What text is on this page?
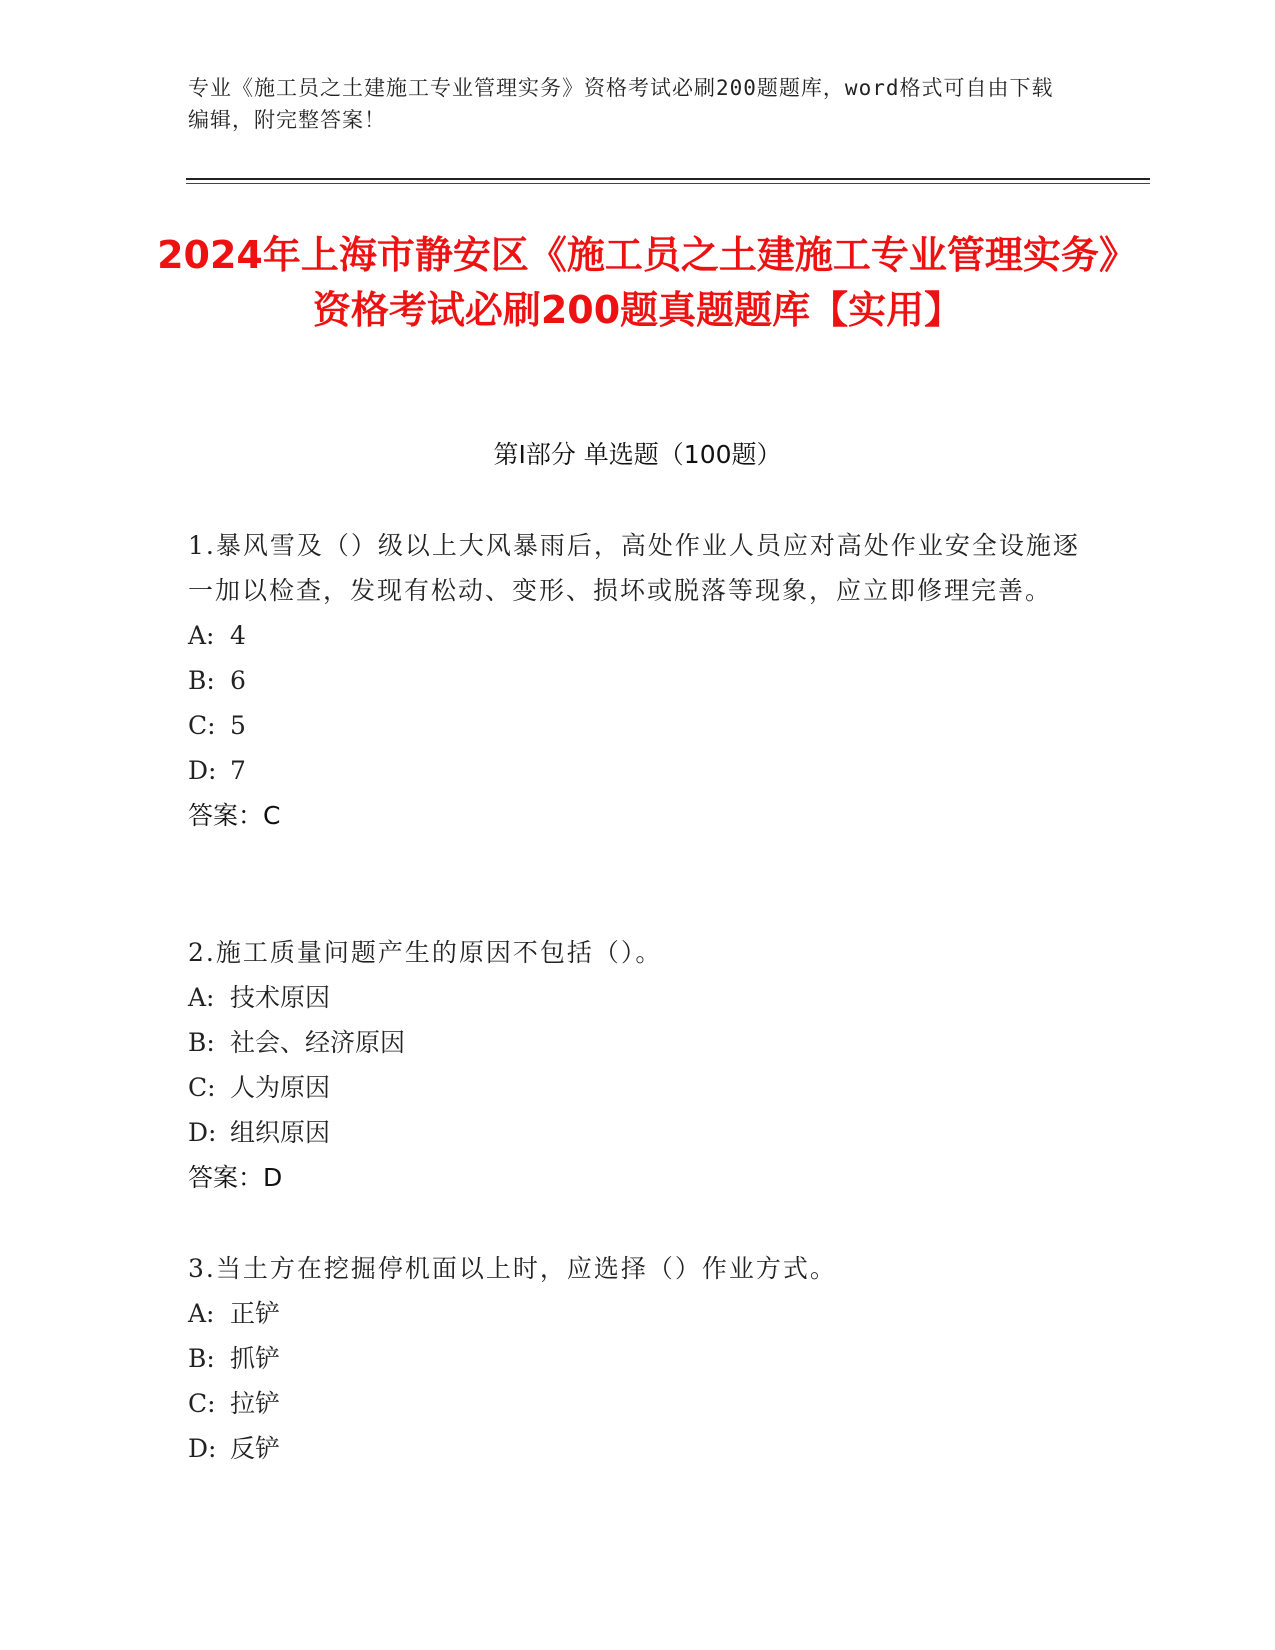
专业《施工员之土建施工专业管理实务》资格考试必刷200题题库，word格式可自由下载编辑，附完整答案！
2024年上海市静安区《施工员之土建施工专业管理实务》资格考试必刷200题真题题库【实用】
第I部分 单选题（100题）
1.暴风雪及（）级以上大风暴雨后，高处作业人员应对高处作业安全设施逐一加以检查，发现有松动、变形、损坏或脱落等现象，应立即修理完善。
A: 4
B: 6
C: 5
D: 7
答案：C
2.施工质量问题产生的原因不包括（）。
A: 技术原因
B: 社会、经济原因
C: 人为原因
D: 组织原因
答案：D
3.当土方在挖掘停机面以上时，应选择（）作业方式。
A: 正铲
B: 抓铲
C: 拉铲
D: 反铲
